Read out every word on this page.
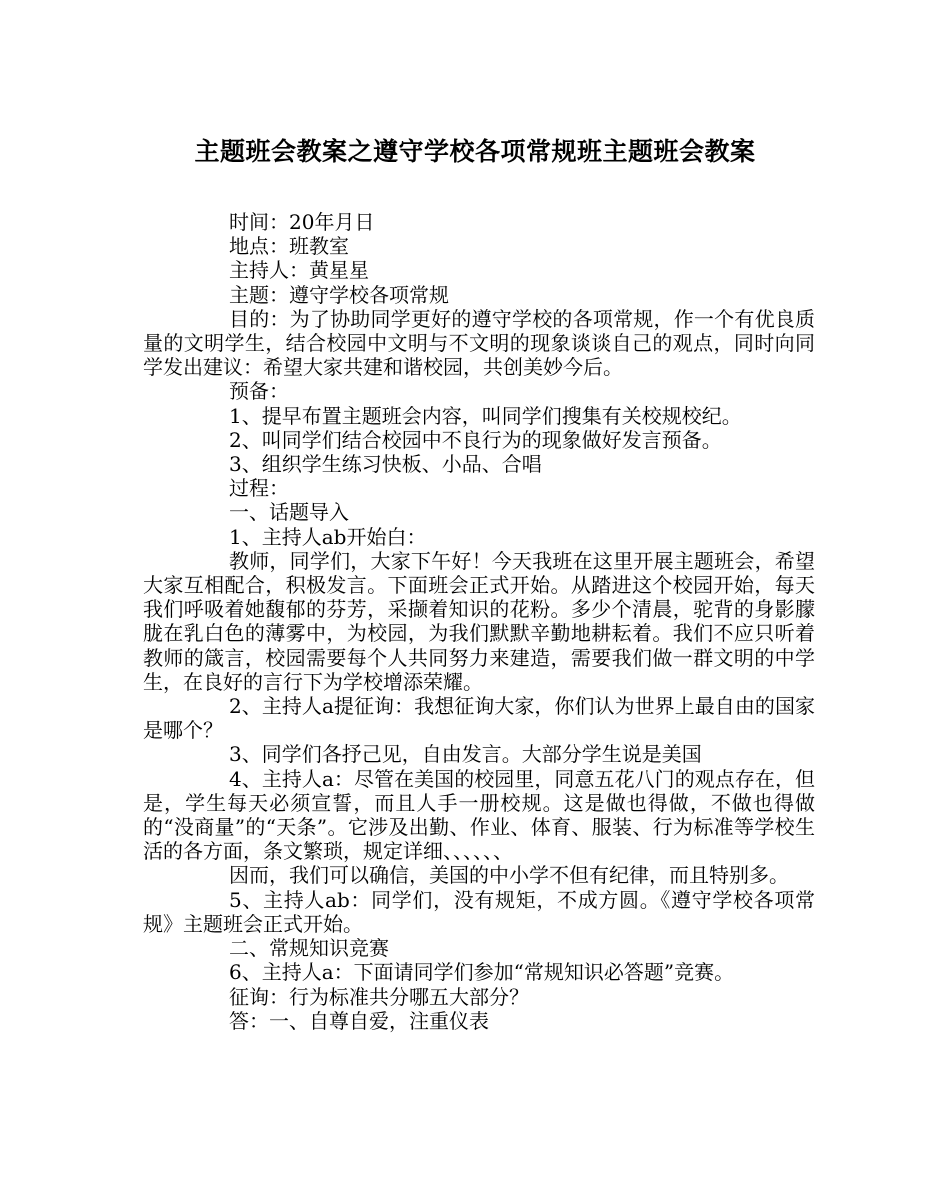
主题班会教案之遵守学校各项常规班主题班会教案

时间：20年月日

地点：班教室

主持人：黄星星

主题：遵守学校各项常规

目的：为了协助同学更好的遵守学校的各项常规，作一个有优良质量的文明学生，结合校园中文明与不文明的现象谈谈自己的观点，同时向同学发出建议：希望大家共建和谐校园，共创美妙今后。

预备：

1、提早布置主题班会内容，叫同学们搜集有关校规校纪。

2、叫同学们结合校园中不良行为的现象做好发言预备。

3、组织学生练习快板、小品、合唱

过程：

一、话题导入

1、主持人ab开始白：

教师，同学们，大家下午好！今天我班在这里开展主题班会，希望大家互相配合，积极发言。下面班会正式开始。从踏进这个校园开始，每天我们呼吸着她馥郁的芬芳，采撷着知识的花粉。多少个清晨，驼背的身影朦胧在乳白色的薄雾中，为校园，为我们默默辛勤地耕耘着。我们不应只听着教师的箴言，校园需要每个人共同努力来建造，需要我们做一群文明的中学生，在良好的言行下为学校增添荣耀。

2、主持人a提征询：我想征询大家，你们认为世界上最自由的国家是哪个？

3、同学们各抒己见，自由发言。大部分学生说是美国

4、主持人a：尽管在美国的校园里，同意五花八门的观点存在，但是，学生每天必须宣誓，而且人手一册校规。这是做也得做，不做也得做的“没商量”的“天条”。它涉及出勤、作业、体育、服装、行为标准等学校生活的各方面，条文繁琐，规定详细、、、、、、

因而，我们可以确信，美国的中小学不但有纪律，而且特别多。

5、主持人ab：同学们，没有规矩，不成方圆。《遵守学校各项常规》主题班会正式开始。

二、常规知识竞赛

6、主持人a：下面请同学们参加“常规知识必答题”竞赛。

征询：行为标准共分哪五大部分？

答：一、自尊自爱，注重仪表
